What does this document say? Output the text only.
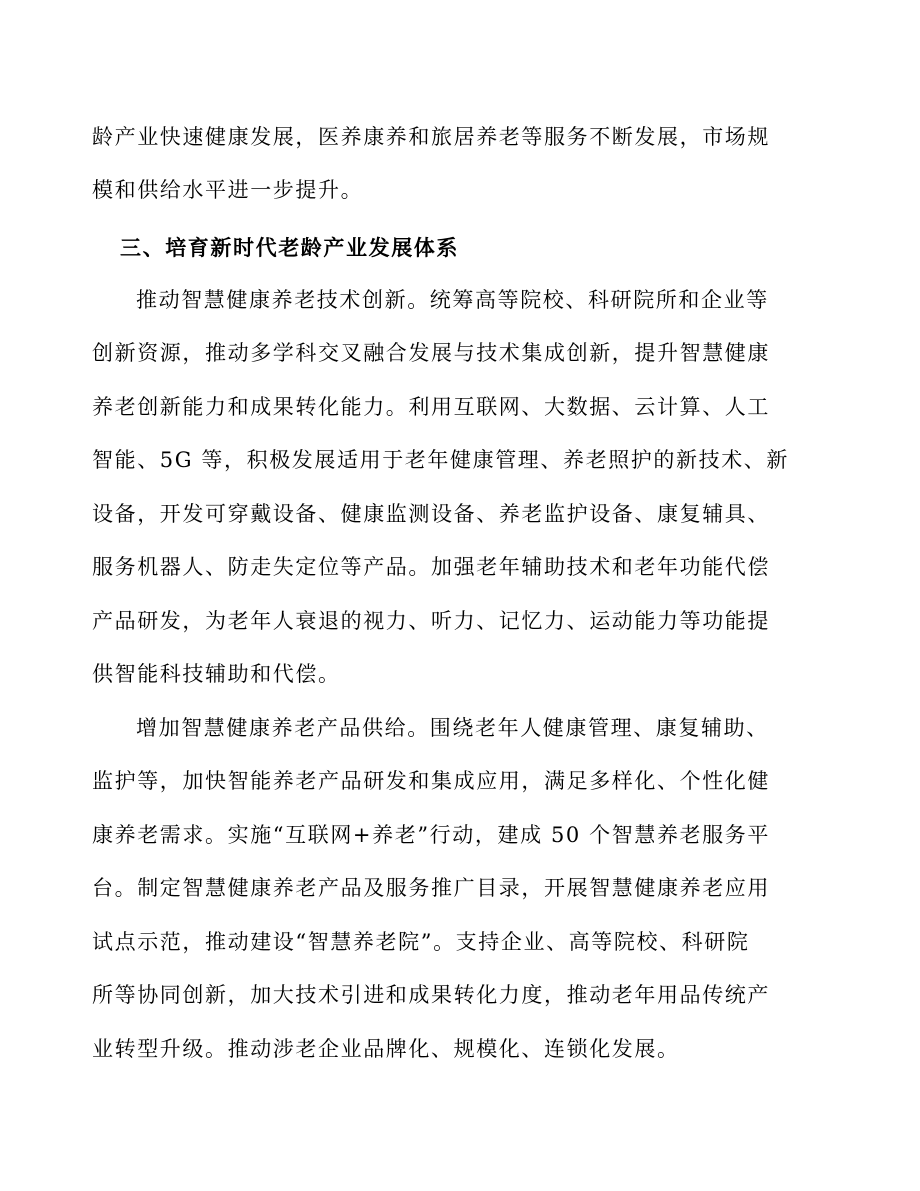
龄产业快速健康发展，医养康养和旅居养老等服务不断发展，市场规
模和供给水平进一步提升。
三、培育新时代老龄产业发展体系
推动智慧健康养老技术创新。统筹高等院校、科研院所和企业等
创新资源，推动多学科交叉融合发展与技术集成创新，提升智慧健康
养老创新能力和成果转化能力。利用互联网、大数据、云计算、人工
智能、5G 等，积极发展适用于老年健康管理、养老照护的新技术、新
设备，开发可穿戴设备、健康监测设备、养老监护设备、康复辅具、
服务机器人、防走失定位等产品。加强老年辅助技术和老年功能代偿
产品研发，为老年人衰退的视力、听力、记忆力、运动能力等功能提
供智能科技辅助和代偿。
增加智慧健康养老产品供给。围绕老年人健康管理、康复辅助、
监护等，加快智能养老产品研发和集成应用，满足多样化、个性化健
康养老需求。实施“互联网+养老”行动，建成 50 个智慧养老服务平
台。制定智慧健康养老产品及服务推广目录，开展智慧健康养老应用
试点示范，推动建设“智慧养老院”。支持企业、高等院校、科研院
所等协同创新，加大技术引进和成果转化力度，推动老年用品传统产
业转型升级。推动涉老企业品牌化、规模化、连锁化发展。
